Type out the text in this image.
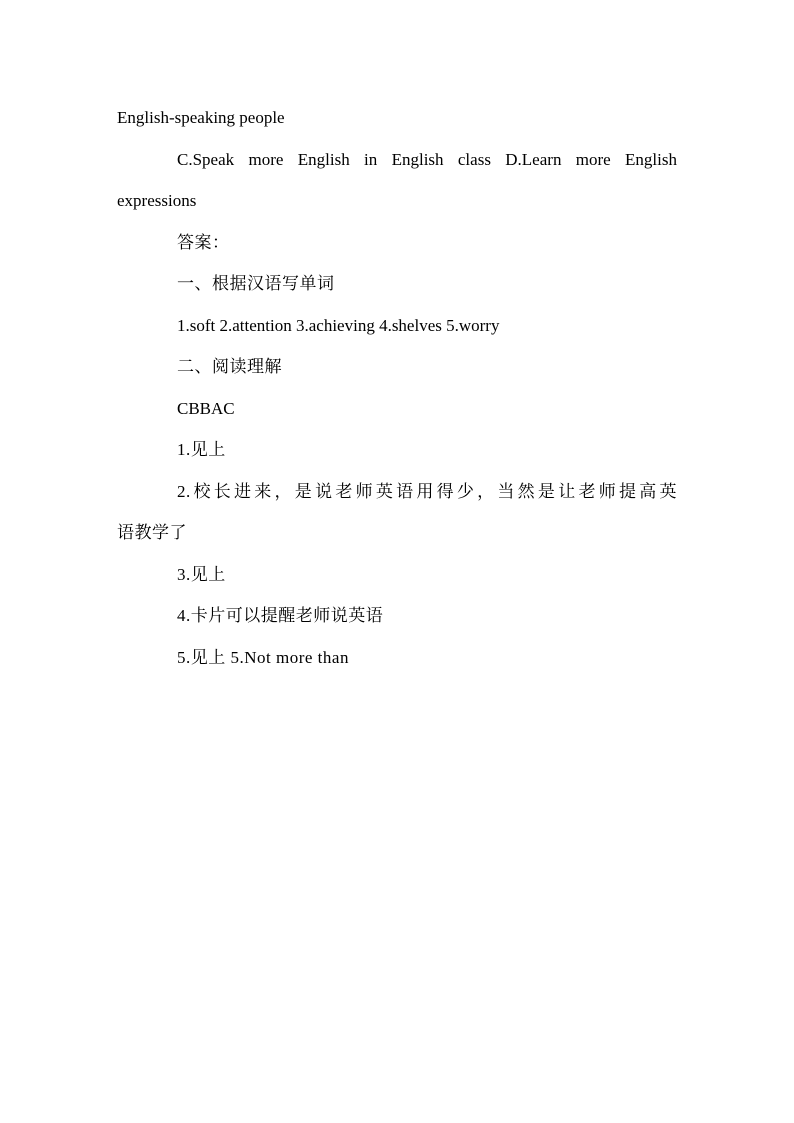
English-speaking people
C.Speak more English in English class D.Learn more English
expressions
答案：
一、根据汉语写单词
1.soft 2.attention 3.achieving 4.shelves 5.worry
二、阅读理解
CBBAC
1.见上
2.校长进来，是说老师英语用得少，当然是让老师提高英
语教学了
3.见上
4.卡片可以提醒老师说英语
5.见上 5.Not more than
